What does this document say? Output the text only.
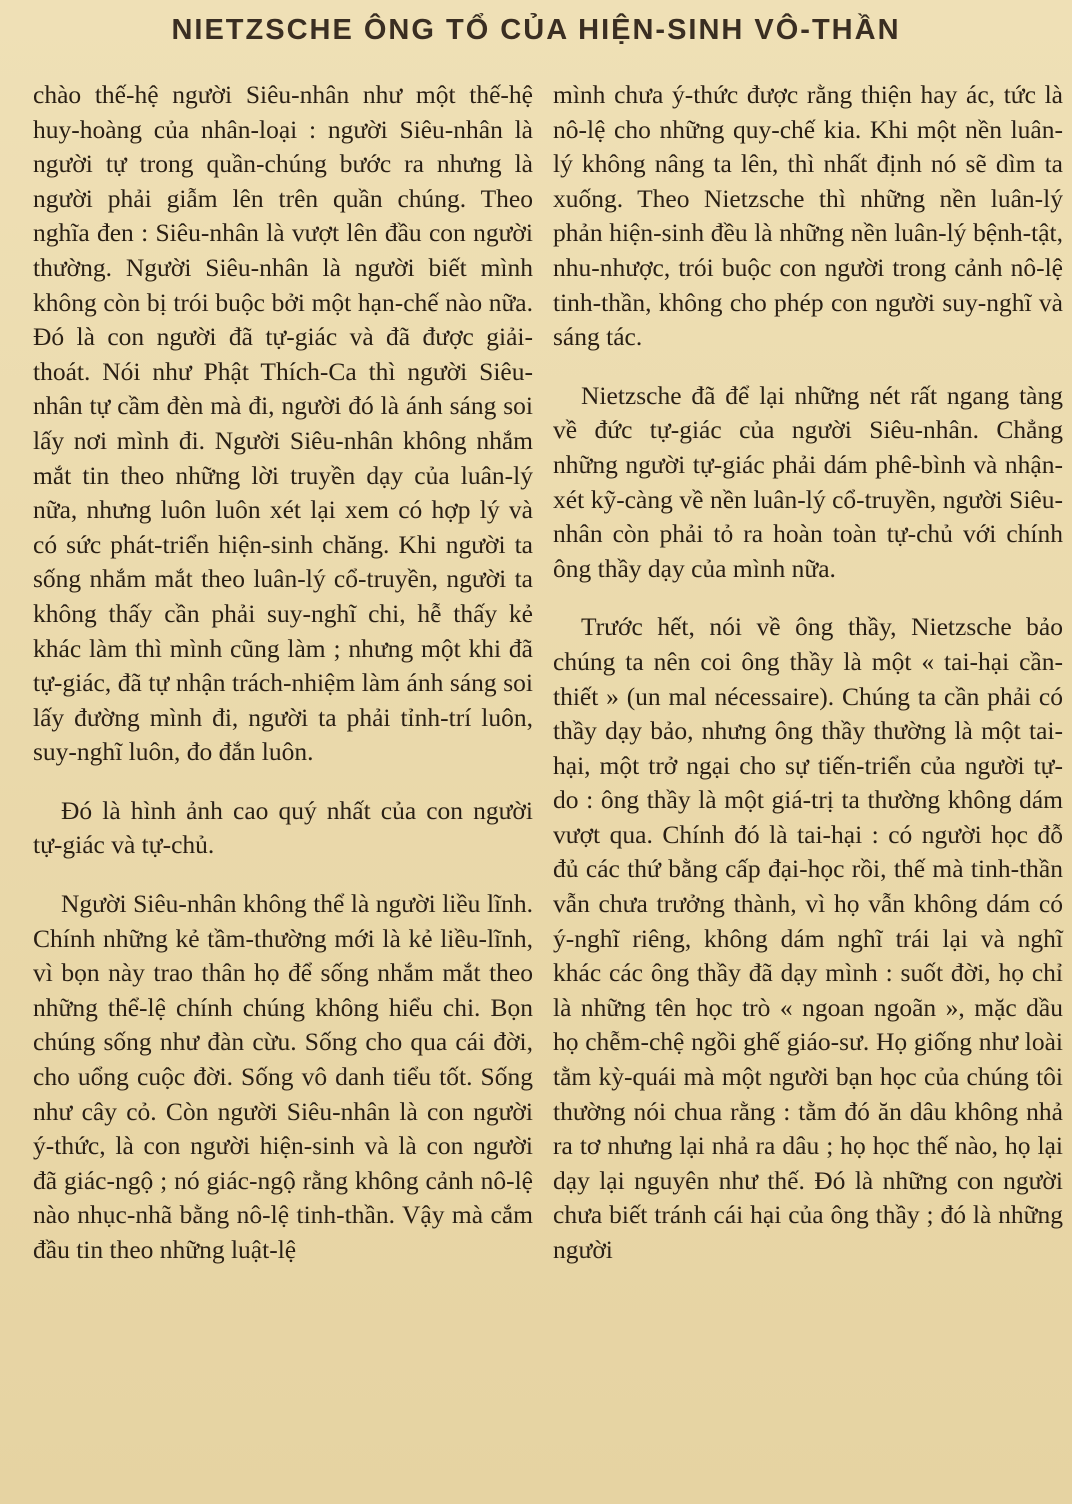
NIETZSCHE ÔNG TỔ CỦA HIỆN-SINH VÔ-THẦN

chào thế-hệ người Siêu-nhân như một thế-hệ huy-hoàng của nhân-loại : người Siêu-nhân là người tự trong quần-chúng bước ra nhưng là người phải giẫm lên trên quần chúng. Theo nghĩa đen : Siêu-nhân là vượt lên đầu con người thường. Người Siêu-nhân là người biết mình không còn bị trói buộc bởi một hạn-chế nào nữa. Đó là con người đã tự-giác và đã được giải-thoát. Nói như Phật Thích-Ca thì người Siêu-nhân tự cầm đèn mà đi, người đó là ánh sáng soi lấy nơi mình đi. Người Siêu-nhân không nhắm mắt tin theo những lời truyền dạy của luân-lý nữa, nhưng luôn luôn xét lại xem có hợp lý và có sức phát-triển hiện-sinh chăng. Khi người ta sống nhắm mắt theo luân-lý cổ-truyền, người ta không thấy cần phải suy-nghĩ chi, hễ thấy kẻ khác làm thì mình cũng làm ; nhưng một khi đã tự-giác, đã tự nhận trách-nhiệm làm ánh sáng soi lấy đường mình đi, người ta phải tỉnh-trí luôn, suy-nghĩ luôn, đo đắn luôn.

Đó là hình ảnh cao quý nhất của con người tự-giác và tự-chủ.

Người Siêu-nhân không thể là người liều lĩnh. Chính những kẻ tầm-thường mới là kẻ liều-lĩnh, vì bọn này trao thân họ để sống nhắm mắt theo những thể-lệ chính chúng không hiểu chi. Bọn chúng sống như đàn cừu. Sống cho qua cái đời, cho uổng cuộc đời. Sống vô danh tiểu tốt. Sống như cây cỏ. Còn người Siêu-nhân là con người ý-thức, là con người hiện-sinh và là con người đã giác-ngộ ; nó giác-ngộ rằng không cảnh nô-lệ nào nhục-nhã bằng nô-lệ tinh-thần. Vậy mà cắm đầu tin theo những luật-lệ

mình chưa ý-thức được rằng thiện hay ác, tức là nô-lệ cho những quy-chế kia. Khi một nền luân-lý không nâng ta lên, thì nhất định nó sẽ dìm ta xuống. Theo Nietzsche thì những nền luân-lý phản hiện-sinh đều là những nền luân-lý bệnh-tật, nhu-nhược, trói buộc con người trong cảnh nô-lệ tinh-thần, không cho phép con người suy-nghĩ và sáng tác.

Nietzsche đã để lại những nét rất ngang tàng về đức tự-giác của người Siêu-nhân. Chẳng những người tự-giác phải dám phê-bình và nhận-xét kỹ-càng về nền luân-lý cổ-truyền, người Siêu-nhân còn phải tỏ ra hoàn toàn tự-chủ với chính ông thầy dạy của mình nữa.

Trước hết, nói về ông thầy, Nietzsche bảo chúng ta nên coi ông thầy là một « tai-hại cần-thiết » (un mal nécessaire). Chúng ta cần phải có thầy dạy bảo, nhưng ông thầy thường là một tai-hại, một trở ngại cho sự tiến-triển của người tự-do : ông thầy là một giá-trị ta thường không dám vượt qua. Chính đó là tai-hại : có người học đỗ đủ các thứ bằng cấp đại-học rồi, thế mà tinh-thần vẫn chưa trưởng thành, vì họ vẫn không dám có ý-nghĩ riêng, không dám nghĩ trái lại và nghĩ khác các ông thầy đã dạy mình : suốt đời, họ chỉ là những tên học trò « ngoan ngoãn », mặc dầu họ chễm-chệ ngồi ghế giáo-sư. Họ giống như loài tằm kỳ-quái mà một người bạn học của chúng tôi thường nói chua rằng : tằm đó ăn dâu không nhả ra tơ nhưng lại nhả ra dâu ; họ học thế nào, họ lại dạy lại nguyên như thế. Đó là những con người chưa biết tránh cái hại của ông thầy ; đó là những người
